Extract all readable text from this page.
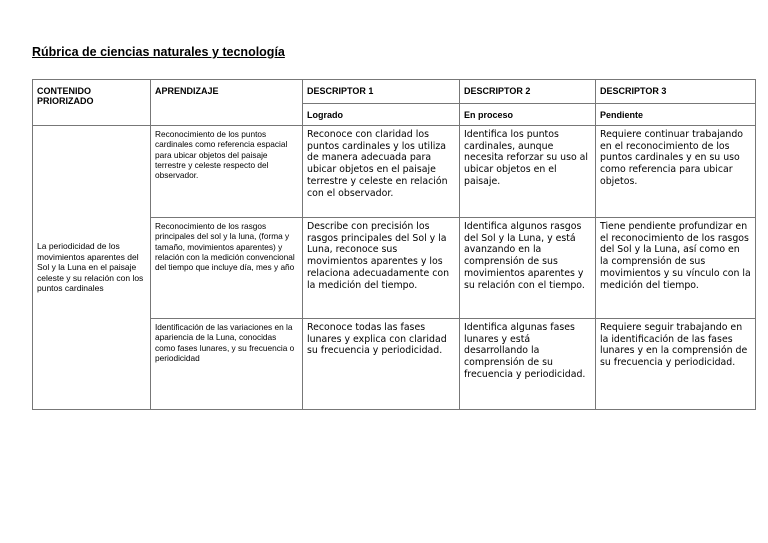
Rúbrica de ciencias naturales y tecnología
CONTENIDO PRIORIZADO	APRENDIZAJE	DESCRIPTOR 1	DESCRIPTOR 2	DESCRIPTOR 3
		Logrado	En proceso	Pendiente
La periodicidad de los movimientos aparentes del Sol y la Luna en el paisaje celeste y su relación con los puntos cardinales	Reconocimiento de los puntos cardinales como referencia espacial para ubicar objetos del paisaje terrestre y celeste respecto del observador.	Reconoce con claridad los puntos cardinales y los utiliza de manera adecuada para ubicar objetos en el paisaje terrestre y celeste en relación con el observador.	Identifica los puntos cardinales, aunque necesita reforzar su uso al ubicar objetos en el paisaje.	Requiere continuar trabajando en el reconocimiento de los puntos cardinales y en su uso como referencia para ubicar objetos.
	Reconocimiento de los rasgos principales del sol y la luna, (forma y tamaño, movimientos aparentes) y relación con la medición convencional del tiempo que incluye día, mes y año	Describe con precisión los rasgos principales del Sol y la Luna, reconoce sus movimientos aparentes y los relaciona adecuadamente con la medición del tiempo.	Identifica algunos rasgos del Sol y la Luna, y está avanzando en la comprensión de sus movimientos aparentes y su relación con el tiempo.	Tiene pendiente profundizar en el reconocimiento de los rasgos del Sol y la Luna, así como en la comprensión de sus movimientos y su vínculo con la medición del tiempo.
	Identificación de las variaciones en la apariencia de la Luna, conocidas como fases lunares, y su frecuencia o periodicidad	Reconoce todas las fases lunares y explica con claridad su frecuencia y periodicidad.	Identifica algunas fases lunares y está desarrollando la comprensión de su frecuencia y periodicidad.	Requiere seguir trabajando en la identificación de las fases lunares y en la comprensión de su frecuencia y periodicidad.
